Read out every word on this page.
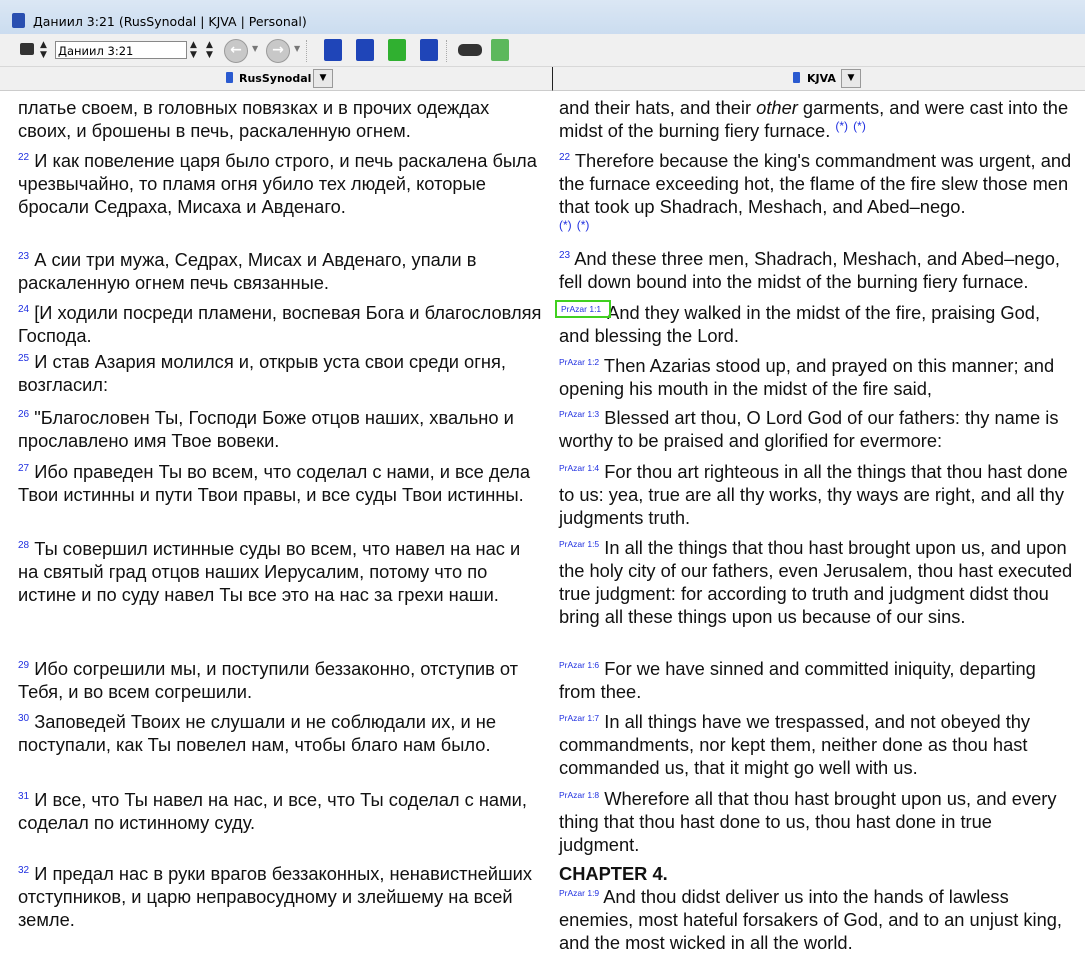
Даниил 3:21 (RusSynodal | KJVA | Personal)
▲
▼ Даниил 3:21	▲
▼
▲
▼	←	▼ →	▼
RusSynodal ▼	KJVA	▼
платье своем, в головных повязках и в прочих одеждах своих, и брошены в печь, раскаленную огнем.
$^{22}$ И как повеление царя было строго, и печь раскалена была чрезвычайно, то пламя огня убило тех людей, которые бросали Седраха, Мисаха и Авденаго.
$^{23}$ А сии три мужа, Седрах, Мисах и Авденаго, упали в раскаленную огнем печь связанные.
$^{24}$ [И ходили посреди пламени, воспевая Бога и благословляя Господа.
$^{25}$ И став Азария молился и, открыв уста свои среди огня, возгласил:
$^{26}$ "Благословен Ты, Господи Боже отцов наших, хвально и прославлено имя Твое вовеки.
$^{27}$ Ибо праведен Ты во всем, что соделал с нами, и все дела Твои истинны и пути Твои правы, и все суды Твои истинны.
$^{28}$ Ты совершил истинные суды во всем, что навел на нас и на святый град отцов наших Иерусалим, потому что по истине и по суду навел Ты все это на нас за грехи наши.
$^{29}$ Ибо согрешили мы, и поступили беззаконно, отступив от Тебя, и во всем согрешили.
$^{30}$ Заповедей Твоих не слушали и не соблюдали их, и не поступали, как Ты повелел нам, чтобы благо нам было.
$^{31}$ И все, что Ты навел на нас, и все, что Ты соделал с нами, соделал по истинному суду.
$^{32}$ И предал нас в руки врагов беззаконных, ненавистнейших отступников, и царю неправосудному и злейшему на всей земле.
and their hats, and their other garments, and were cast into the midst of the burning fiery furnace. (*) (*)
$^{22}$ Therefore because the king's commandment was urgent, and the furnace exceeding hot, the flame of the fire slew those men that took up Shadrach, Meshach, and Abed–nego.
(*) (*)
$^{23}$ And these three men, Shadrach, Meshach, and Abed–nego, fell down bound into the midst of the burning fiery furnace.
$^{PrAzar 1:1}$ And they walked in the midst of the fire, praising God, and blessing the Lord.
$^{PrAzar 1:2}$ Then Azarias stood up, and prayed on this manner; and opening his mouth in the midst of the fire said,
$^{PrAzar 1:3}$ Blessed art thou, O Lord God of our fathers: thy name is worthy to be praised and glorified for evermore:
$^{PrAzar 1:4}$ For thou art righteous in all the things that thou hast done to us: yea, true are all thy works, thy ways are right, and all thy judgments truth.
$^{PrAzar 1:5}$ In all the things that thou hast brought upon us, and upon the holy city of our fathers, even Jerusalem, thou hast executed true judgment: for according to truth and judgment didst thou bring all these things upon us because of our sins.
$^{PrAzar 1:6}$ For we have sinned and committed iniquity, departing from thee.
$^{PrAzar 1:7}$ In all things have we trespassed, and not obeyed thy commandments, nor kept them, neither done as thou hast commanded us, that it might go well with us.
$^{PrAzar 1:8}$ Wherefore all that thou hast brought upon us, and every thing that thou hast done to us, thou hast done in true judgment.
CHAPTER 4.
$^{PrAzar 1:9}$ And thou didst deliver us into the hands of lawless enemies, most hateful forsakers of God, and to an unjust king, and the most wicked in all the world.
